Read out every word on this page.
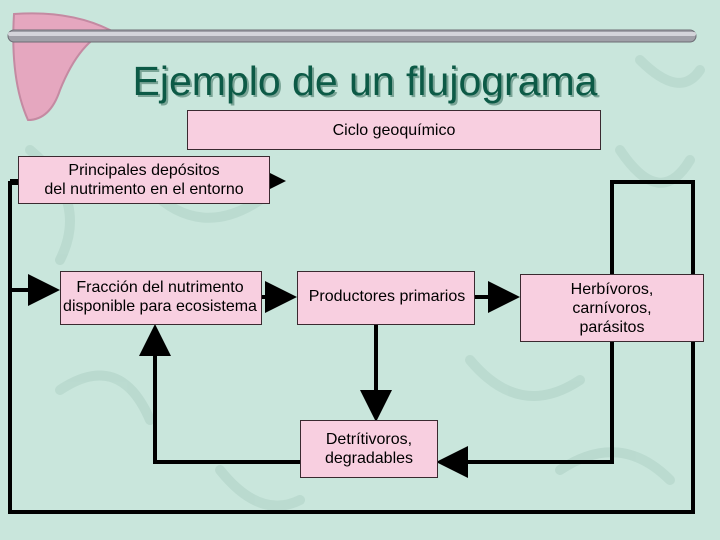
Ejemplo de un flujograma
Ciclo geoquímico
Principales depósitos
del nutrimento en el entorno
Fracción del nutrimento
disponible para ecosistema
Productores primarios	Herbívoros,
carnívoros,
parásitos
Detrítivoros,
degradables
